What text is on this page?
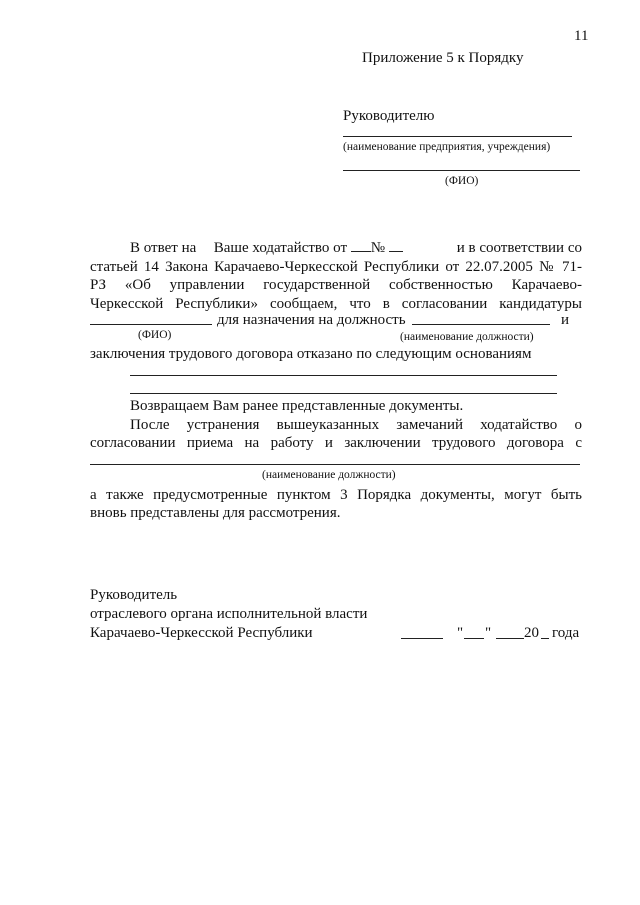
11
Приложение 5 к Порядку
Руководителю
(наименование предприятия, учреждения)
(ФИО)
В ответ на Ваше ходатайство от №	и в соответствии со
статьей 14 Закона Карачаево-Черкесской Республики от 22.07.2005 № 71-
РЗ «Об управлении государственной собственностью Карачаево-
Черкесской Республики» сообщаем, что в согласовании кандидатуры
для назначения на должность	и
(ФИО)	(наименование должности)
заключения трудового договора отказано по следующим основаниям
Возвращаем Вам ранее представленные документы.
После устранения вышеуказанных замечаний ходатайство о
согласовании приема на работу и заключении трудового договора с
(наименование должности)
а также предусмотренные пунктом 3 Порядка документы, могут быть
вновь представлены для рассмотрения.
Руководитель
отраслевого органа исполнительной власти
Карачаево-Черкесской Республики	" " 20 года
